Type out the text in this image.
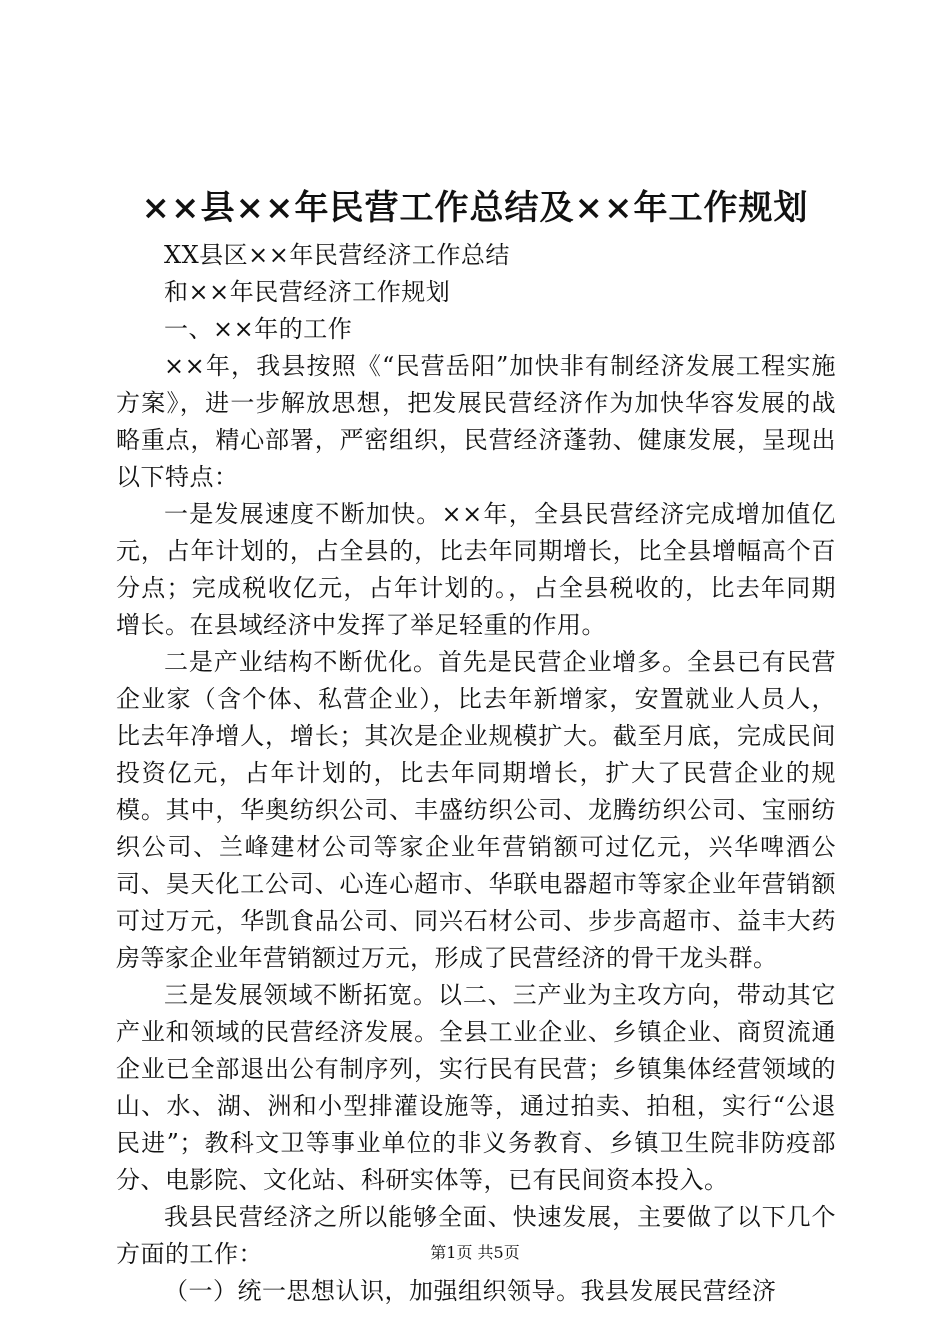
××县××年民营工作总结及××年工作规划

XX县区××年民营经济工作总结

和××年民营经济工作规划

一、××年的工作

××年，我县按照《“民营岳阳”加快非有制经济发展工程实施方案》，进一步解放思想，把发展民营经济作为加快华容发展的战略重点，精心部署，严密组织，民营经济蓬勃、健康发展，呈现出以下特点：

一是发展速度不断加快。××年，全县民营经济完成增加值亿元，占年计划的，占全县的，比去年同期增长，比全县增幅高个百分点；完成税收亿元，占年计划的。，占全县税收的，比去年同期增长。在县域经济中发挥了举足轻重的作用。

二是产业结构不断优化。首先是民营企业增多。全县已有民营企业家（含个体、私营企业），比去年新增家，安置就业人员人，比去年净增人，增长；其次是企业规模扩大。截至月底，完成民间投资亿元，占年计划的，比去年同期增长，扩大了民营企业的规模。其中，华奥纺织公司、丰盛纺织公司、龙腾纺织公司、宝丽纺织公司、兰峰建材公司等家企业年营销额可过亿元，兴华啤酒公司、昊天化工公司、心连心超市、华联电器超市等家企业年营销额可过万元，华凯食品公司、同兴石材公司、步步高超市、益丰大药房等家企业年营销额过万元，形成了民营经济的骨干龙头群。

三是发展领域不断拓宽。以二、三产业为主攻方向，带动其它产业和领域的民营经济发展。全县工业企业、乡镇企业、商贸流通企业已全部退出公有制序列，实行民有民营；乡镇集体经营领域的山、水、湖、洲和小型排灌设施等，通过拍卖、拍租，实行“公退民进”；教科文卫等事业单位的非义务教育、乡镇卫生院非防疫部分、电影院、文化站、科研实体等，已有民间资本投入。

我县民营经济之所以能够全面、快速发展，主要做了以下几个方面的工作：

（一）统一思想认识，加强组织领导。我县发展民营经济

第1页 共5页
